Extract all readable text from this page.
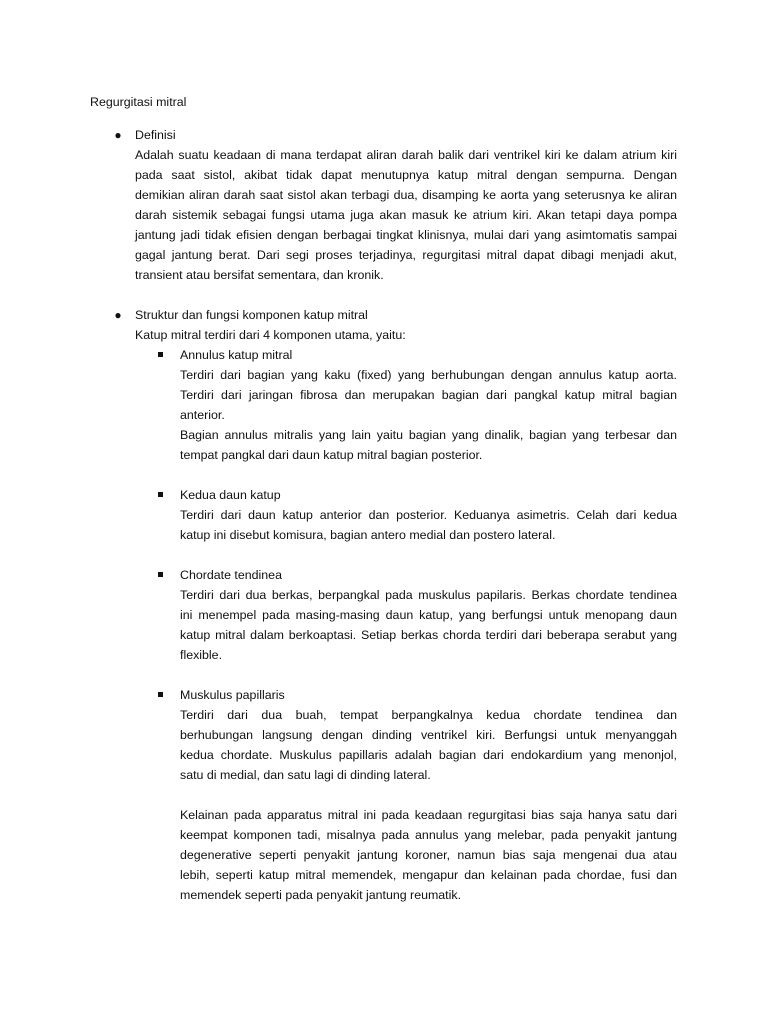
Regurgitasi mitral
● Definisi
Adalah suatu keadaan di mana terdapat aliran darah balik dari ventrikel kiri ke dalam atrium kiri
pada saat sistol, akibat tidak dapat menutupnya katup mitral dengan sempurna. Dengan
demikian aliran darah saat sistol akan terbagi dua, disamping ke aorta yang seterusnya ke aliran
darah sistemik sebagai fungsi utama juga akan masuk ke atrium kiri. Akan tetapi daya pompa
jantung jadi tidak efisien dengan berbagai tingkat klinisnya, mulai dari yang asimtomatis sampai
gagal jantung berat. Dari segi proses terjadinya, regurgitasi mitral dapat dibagi menjadi akut,
transient atau bersifat sementara, dan kronik.
● Struktur dan fungsi komponen katup mitral
Katup mitral terdiri dari 4 komponen utama, yaitu:
Annulus katup mitral
Terdiri dari bagian yang kaku (fixed) yang berhubungan dengan annulus katup aorta.
Terdiri dari jaringan fibrosa dan merupakan bagian dari pangkal katup mitral bagian
anterior.
Bagian annulus mitralis yang lain yaitu bagian yang dinalik, bagian yang terbesar dan
tempat pangkal dari daun katup mitral bagian posterior.
Kedua daun katup
Terdiri dari daun katup anterior dan posterior. Keduanya asimetris. Celah dari kedua
katup ini disebut komisura, bagian antero medial dan postero lateral.
Chordate tendinea
Terdiri dari dua berkas, berpangkal pada muskulus papilaris. Berkas chordate tendinea
ini menempel pada masing-masing daun katup, yang berfungsi untuk menopang daun
katup mitral dalam berkoaptasi. Setiap berkas chorda terdiri dari beberapa serabut yang
flexible.
Muskulus papillaris
Terdiri dari dua buah, tempat berpangkalnya kedua chordate tendinea dan
berhubungan langsung dengan dinding ventrikel kiri. Berfungsi untuk menyanggah
kedua chordate. Muskulus papillaris adalah bagian dari endokardium yang menonjol,
satu di medial, dan satu lagi di dinding lateral.

Kelainan pada apparatus mitral ini pada keadaan regurgitasi bias saja hanya satu dari
keempat komponen tadi, misalnya pada annulus yang melebar, pada penyakit jantung
degenerative seperti penyakit jantung koroner, namun bias saja mengenai dua atau
lebih, seperti katup mitral memendek, mengapur dan kelainan pada chordae, fusi dan
memendek seperti pada penyakit jantung reumatik.
